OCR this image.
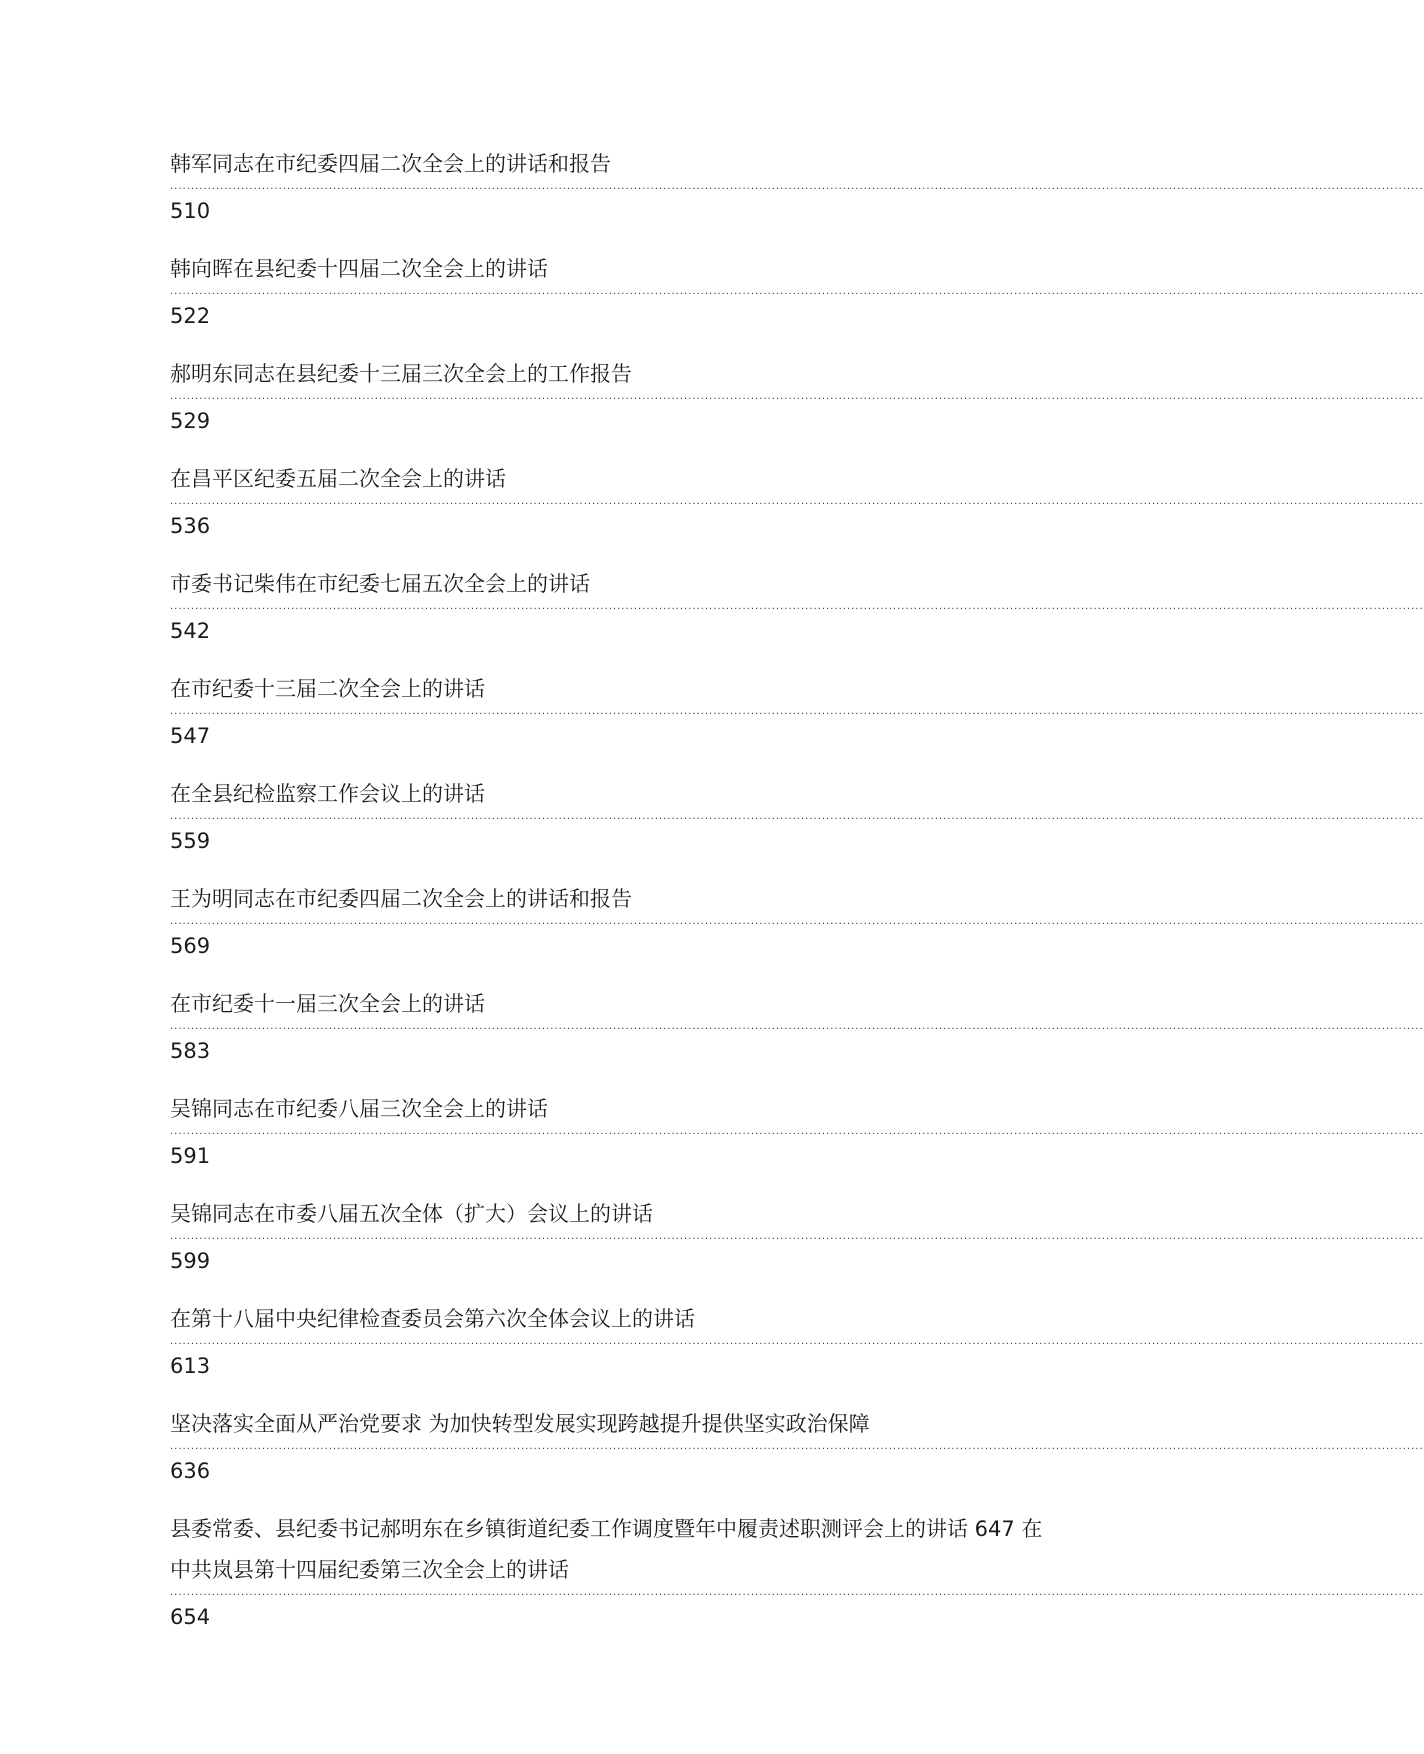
韩军同志在市纪委四届二次全会上的讲话和报告
............................................................................................................................................................................................................................................................................................................
510
韩向晖在县纪委十四届二次全会上的讲话
............................................................................................................................................................................................................................................................................................................
522
郝明东同志在县纪委十三届三次全会上的工作报告
............................................................................................................................................................................................................................................................................................................
529
在昌平区纪委五届二次全会上的讲话
............................................................................................................................................................................................................................................................................................................
536
市委书记柴伟在市纪委七届五次全会上的讲话
............................................................................................................................................................................................................................................................................................................
542
在市纪委十三届二次全会上的讲话
............................................................................................................................................................................................................................................................................................................
547
在全县纪检监察工作会议上的讲话
............................................................................................................................................................................................................................................................................................................
559
王为明同志在市纪委四届二次全会上的讲话和报告
............................................................................................................................................................................................................................................................................................................
569
在市纪委十一届三次全会上的讲话
............................................................................................................................................................................................................................................................................................................
583
吴锦同志在市纪委八届三次全会上的讲话
............................................................................................................................................................................................................................................................................................................
591
吴锦同志在市委八届五次全体（扩大）会议上的讲话
............................................................................................................................................................................................................................................................................................................
599
在第十八届中央纪律检查委员会第六次全体会议上的讲话
............................................................................................................................................................................................................................................................................................................
613
坚决落实全面从严治党要求 为加快转型发展实现跨越提升提供坚实政治保障
............................................................................................................................................................................................................................................................................................................
636
县委常委、县纪委书记郝明东在乡镇街道纪委工作调度暨年中履责述职测评会上的讲话 647 在中共岚县第十四届纪委第三次全会上的讲话
............................................................................................................................................................................................................................................................................................................
654
